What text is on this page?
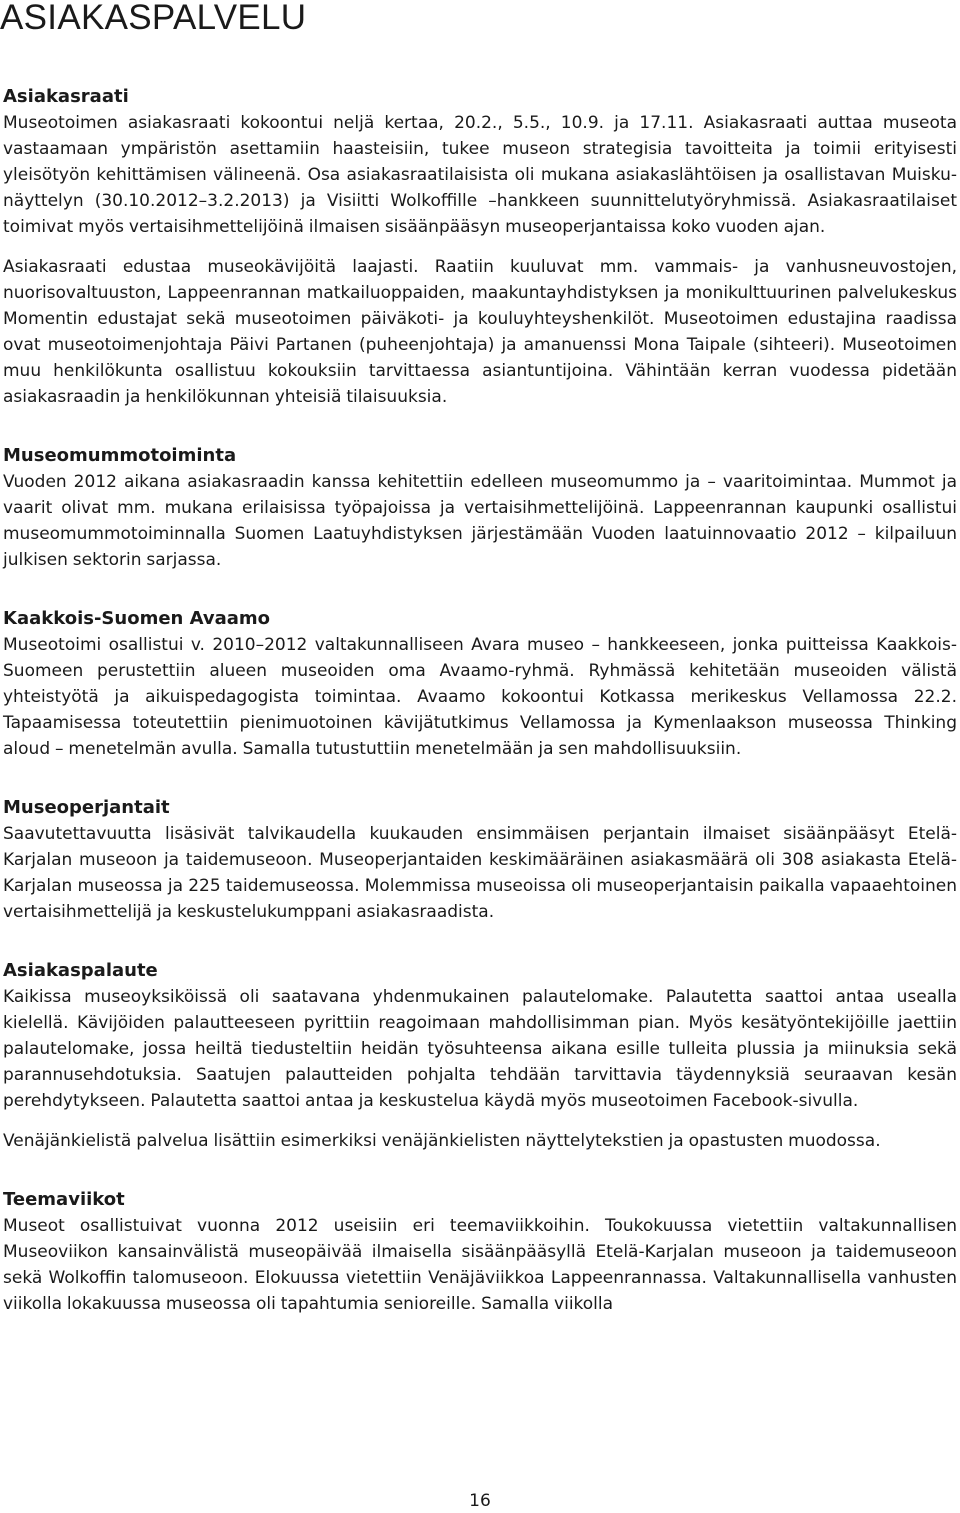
ASIAKASPALVELU
Asiakasraati

Museotoimen asiakasraati kokoontui neljä kertaa, 20.2., 5.5., 10.9. ja 17.11. Asiakasraati auttaa museota vastaamaan ympäristön asettamiin haasteisiin, tukee museon strategisia tavoitteita ja toimii erityisesti yleisötyön kehittämisen välineenä. Osa asiakasraatilaisista oli mukana asiakaslähtöisen ja osallistavan Muisku-näyttelyn (30.10.2012–3.2.2013) ja Visiitti Wolkoffille –hankkeen suunnittelutyöryhmissä. Asiakasraatilaiset toimivat myös vertaisihmettelijöinä ilmaisen sisäänpääsyn museoperjantaissa koko vuoden ajan.

Asiakasraati edustaa museokävijöitä laajasti. Raatiin kuuluvat mm. vammais- ja vanhusneuvostojen, nuorisovaltuuston, Lappeenrannan matkailuoppaiden, maakuntayhdistyksen ja monikulttuurinen palvelukeskus Momentin edustajat sekä museotoimen päiväkoti- ja kouluyhteyshenkilöt. Museotoimen edustajina raadissa ovat museotoimenjohtaja Päivi Partanen (puheenjohtaja) ja amanuenssi Mona Taipale (sihteeri). Museotoimen muu henkilökunta osallistuu kokouksiin tarvittaessa asiantuntijoina. Vähintään kerran vuodessa pidetään asiakasraadin ja henkilökunnan yhteisiä tilaisuuksia.

Museomummotoiminta

Vuoden 2012 aikana asiakasraadin kanssa kehitettiin edelleen museomummo ja – vaaritoimintaa. Mummot ja vaarit olivat mm. mukana erilaisissa työpajoissa ja vertaisihmettelijöinä. Lappeenrannan kaupunki osallistui museomummotoiminnalla Suomen Laatuyhdistyksen järjestämään Vuoden laatuinnovaatio 2012 – kilpailuun julkisen sektorin sarjassa.

Kaakkois-Suomen Avaamo

Museotoimi osallistui v. 2010–2012 valtakunnalliseen Avara museo – hankkeeseen, jonka puitteissa Kaakkois-Suomeen perustettiin alueen museoiden oma Avaamo-ryhmä. Ryhmässä kehitetään museoiden välistä yhteistyötä ja aikuispedagogista toimintaa. Avaamo kokoontui Kotkassa merikeskus Vellamossa 22.2. Tapaamisessa toteutettiin pienimuotoinen kävijätutkimus Vellamossa ja Kymenlaakson museossa Thinking aloud – menetelmän avulla. Samalla tutustuttiin menetelmään ja sen mahdollisuuksiin.

Museoperjantait

Saavutettavuutta lisäsivät talvikaudella kuukauden ensimmäisen perjantain ilmaiset sisäänpääsyt Etelä-Karjalan museoon ja taidemuseoon. Museoperjantaiden keskimääräinen asiakasmäärä oli 308 asiakasta Etelä-Karjalan museossa ja 225 taidemuseossa. Molemmissa museoissa oli museoperjantaisin paikalla vapaaehtoinen vertaisihmettelijä ja keskustelukumppani asiakasraadista.

Asiakaspalaute

Kaikissa museoyksiköissä oli saatavana yhdenmukainen palautelomake. Palautetta saattoi antaa usealla kielellä. Kävijöiden palautteeseen pyrittiin reagoimaan mahdollisimman pian. Myös kesätyöntekijöille jaettiin palautelomake, jossa heiltä tiedusteltiin heidän työsuhteensa aikana esille tulleita plussia ja miinuksia sekä parannusehdotuksia. Saatujen palautteiden pohjalta tehdään tarvittavia täydennyksiä seuraavan kesän perehdytykseen. Palautetta saattoi antaa ja keskustelua käydä myös museotoimen Facebook-sivulla.

Venäjänkielistä palvelua lisättiin esimerkiksi venäjänkielisten näyttelytekstien ja opastusten muodossa.

Teemaviikot

Museot osallistuivat vuonna 2012 useisiin eri teemaviikkoihin. Toukokuussa vietettiin valtakunnallisen Museoviikon kansainvälistä museopäivää ilmaisella sisäänpääsyllä Etelä-Karjalan museoon ja taidemuseoon sekä Wolkoffin talomuseoon. Elokuussa vietettiin Venäjäviikkoa Lappeenrannassa. Valtakunnallisella vanhusten viikolla lokakuussa museossa oli tapahtumia senioreille. Samalla viikolla

16
